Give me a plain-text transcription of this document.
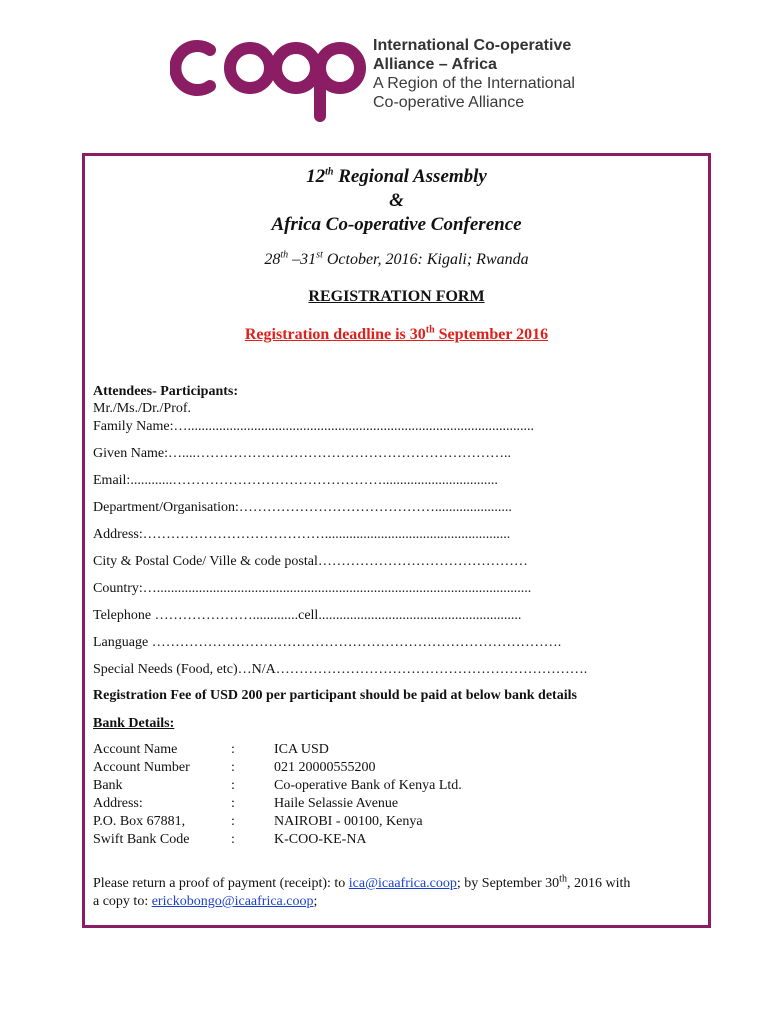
International Co-operative
Alliance – Africa
A Region of the International
Co-operative Alliance
12th Regional Assembly
&
Africa Co-operative Conference
28th –31st October, 2016: Kigali; Rwanda
REGISTRATION FORM
Registration deadline is 30th September 2016
Attendees- Participants:
Mr./Ms./Dr./Prof.
Family Name:…...................................................................................................
Given Name:…....…………………………………………………………..
Email:............……………………………………….................................
Department/Organisation:……………………………………......................
Address:………………………………….....................................................
City & Postal Code/ Ville & code postal………………………………………
Country:…...........................................................................................................
Telephone ………………….............cell..........................................................
Language …………………………………………………………………………….
Special Needs (Food, etc)…N/A………………………………………………………….
Registration Fee of USD 200 per participant should be paid at below bank details
Bank Details:
Account Name	:	ICA USD
Account Number	:	021 20000555200
Bank	:	Co-operative Bank of Kenya Ltd.
Address:	:	Haile Selassie Avenue
P.O. Box 67881,	:	NAIROBI - 00100, Kenya
Swift Bank Code	:	K-COO-KE-NA
Please return a proof of payment (receipt): to ica@icaafrica.coop; by September 30th, 2016 with
a copy to: erickobongo@icaafrica.coop;
